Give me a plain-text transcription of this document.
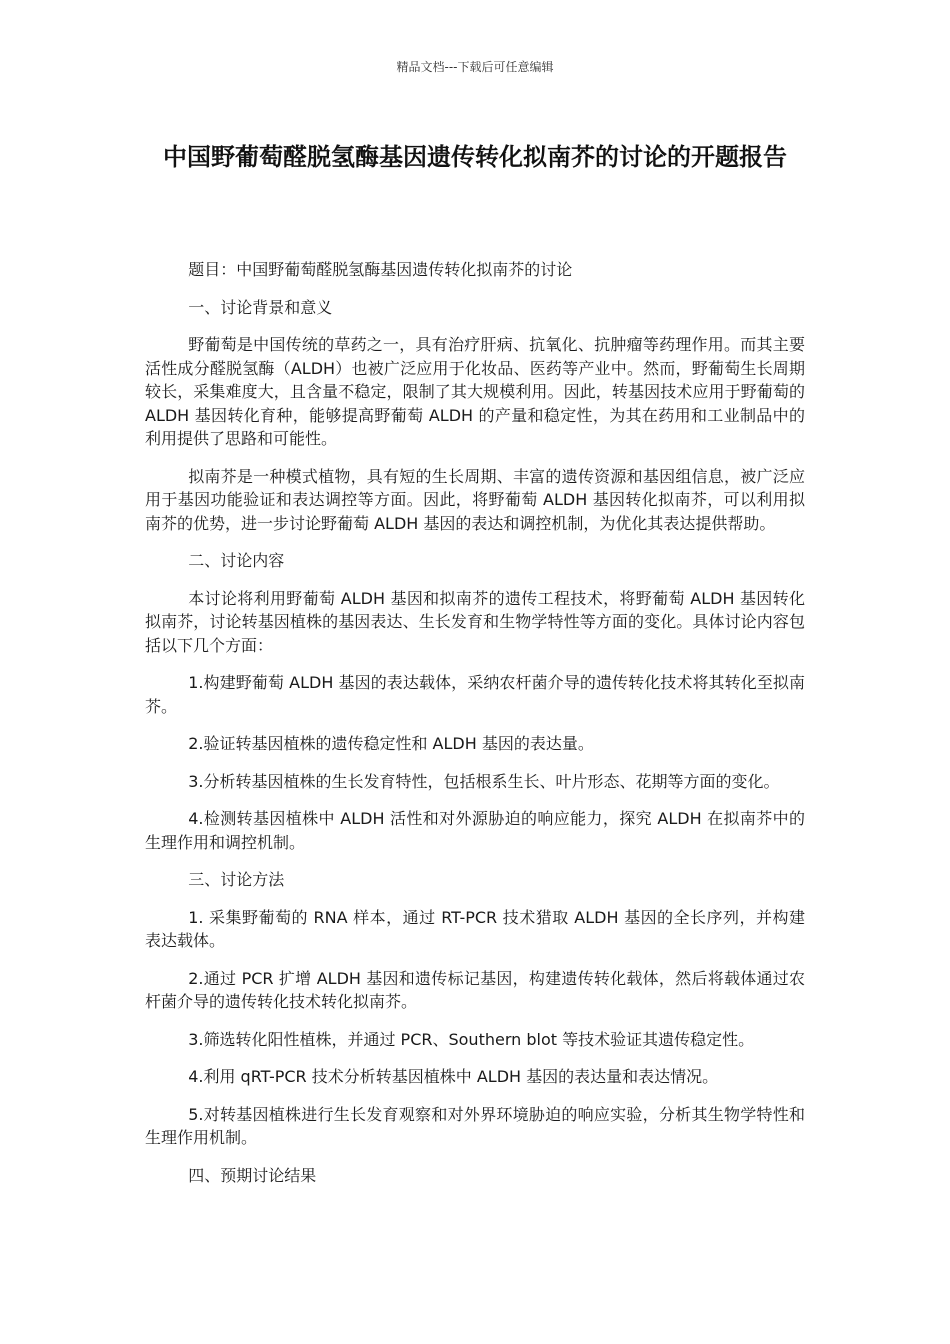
精品文档---下载后可任意编辑
中国野葡萄醛脱氢酶基因遗传转化拟南芥的讨论的开题报告

题目：中国野葡萄醛脱氢酶基因遗传转化拟南芥的讨论

一、讨论背景和意义

野葡萄是中国传统的草药之一，具有治疗肝病、抗氧化、抗肿瘤等药理作用。而其主要活性成分醛脱氢酶（ALDH）也被广泛应用于化妆品、医药等产业中。然而，野葡萄生长周期较长，采集难度大，且含量不稳定，限制了其大规模利用。因此，转基因技术应用于野葡萄的 ALDH 基因转化育种，能够提高野葡萄 ALDH 的产量和稳定性，为其在药用和工业制品中的利用提供了思路和可能性。

拟南芥是一种模式植物，具有短的生长周期、丰富的遗传资源和基因组信息，被广泛应用于基因功能验证和表达调控等方面。因此，将野葡萄 ALDH 基因转化拟南芥，可以利用拟南芥的优势，进一步讨论野葡萄 ALDH 基因的表达和调控机制，为优化其表达提供帮助。

二、讨论内容

本讨论将利用野葡萄 ALDH 基因和拟南芥的遗传工程技术，将野葡萄 ALDH 基因转化拟南芥，讨论转基因植株的基因表达、生长发育和生物学特性等方面的变化。具体讨论内容包括以下几个方面：

1.构建野葡萄 ALDH 基因的表达载体，采纳农杆菌介导的遗传转化技术将其转化至拟南芥。

2.验证转基因植株的遗传稳定性和 ALDH 基因的表达量。

3.分析转基因植株的生长发育特性，包括根系生长、叶片形态、花期等方面的变化。

4.检测转基因植株中 ALDH 活性和对外源胁迫的响应能力，探究 ALDH 在拟南芥中的生理作用和调控机制。

三、讨论方法

1. 采集野葡萄的 RNA 样本，通过 RT-PCR 技术猎取 ALDH 基因的全长序列，并构建表达载体。

2.通过 PCR 扩增 ALDH 基因和遗传标记基因，构建遗传转化载体，然后将载体通过农杆菌介导的遗传转化技术转化拟南芥。

3.筛选转化阳性植株，并通过 PCR、Southern blot 等技术验证其遗传稳定性。

4.利用 qRT-PCR 技术分析转基因植株中 ALDH 基因的表达量和表达情况。

5.对转基因植株进行生长发育观察和对外界环境胁迫的响应实验，分析其生物学特性和生理作用机制。

四、预期讨论结果
